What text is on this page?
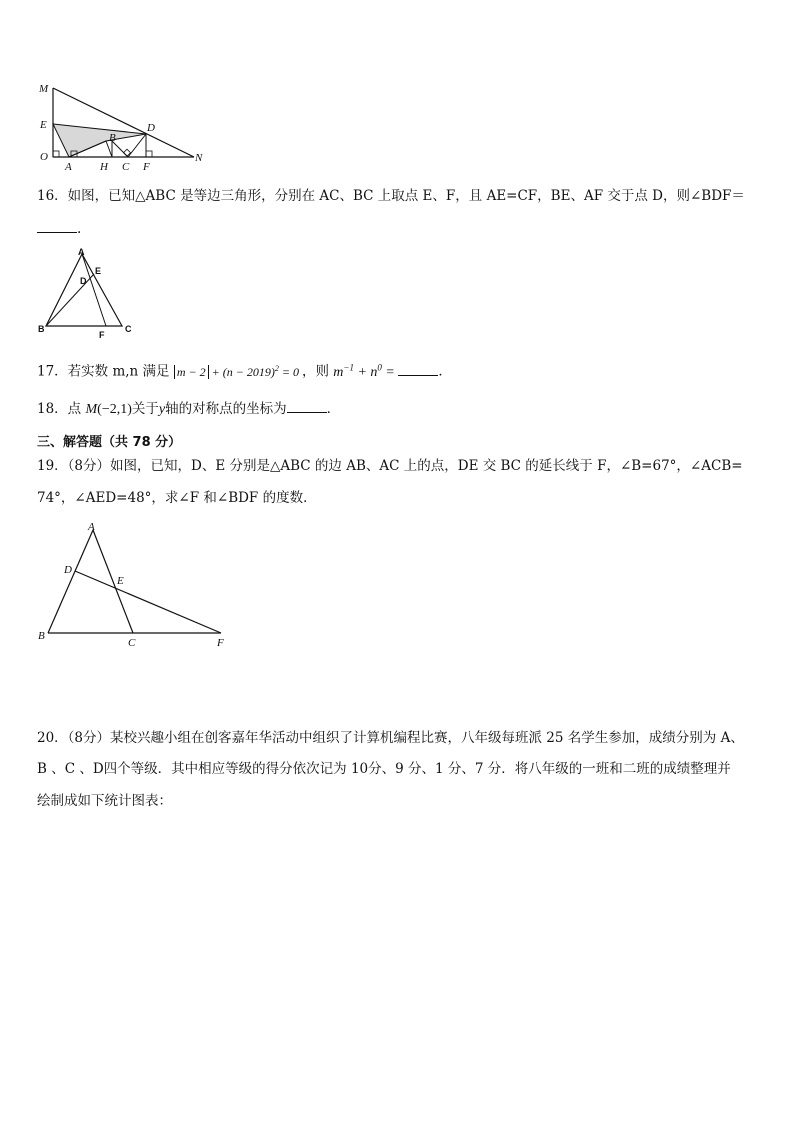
M
E	D
B
O
A	H C F
N
16．如图，已知△ABC 是等边三角形，分别在 AC、BC 上取点 E、F，且 AE=CF，BE、AF 交于点 D，则∠BDF＝
.
A
E
D
B
F
C
17．若实数 m,n 满足 $m - 2 + (n - 2019)^2 = 0$ ，则 $m^{-1} + n^0$ =	．
18．点 M(−2,1)关于y轴的对称点的坐标为	．
三、解答题（共 78 分）
19．（8分）如图，已知，D、E 分别是△ABC 的边 AB、AC 上的点，DE 交 BC 的延长线于 F，∠B=67°，∠ACB=
74°，∠AED=48°，求∠F 和∠BDF 的度数．
A
D
E
B
C	F
20．（8分）某校兴趣小组在创客嘉年华活动中组织了计算机编程比赛，八年级每班派 25 名学生参加，成绩分别为 A、
B 、C 、D四个等级．其中相应等级的得分依次记为 10分、9 分、1 分、7 分．将八年级的一班和二班的成绩整理并
绘制成如下统计图表：
